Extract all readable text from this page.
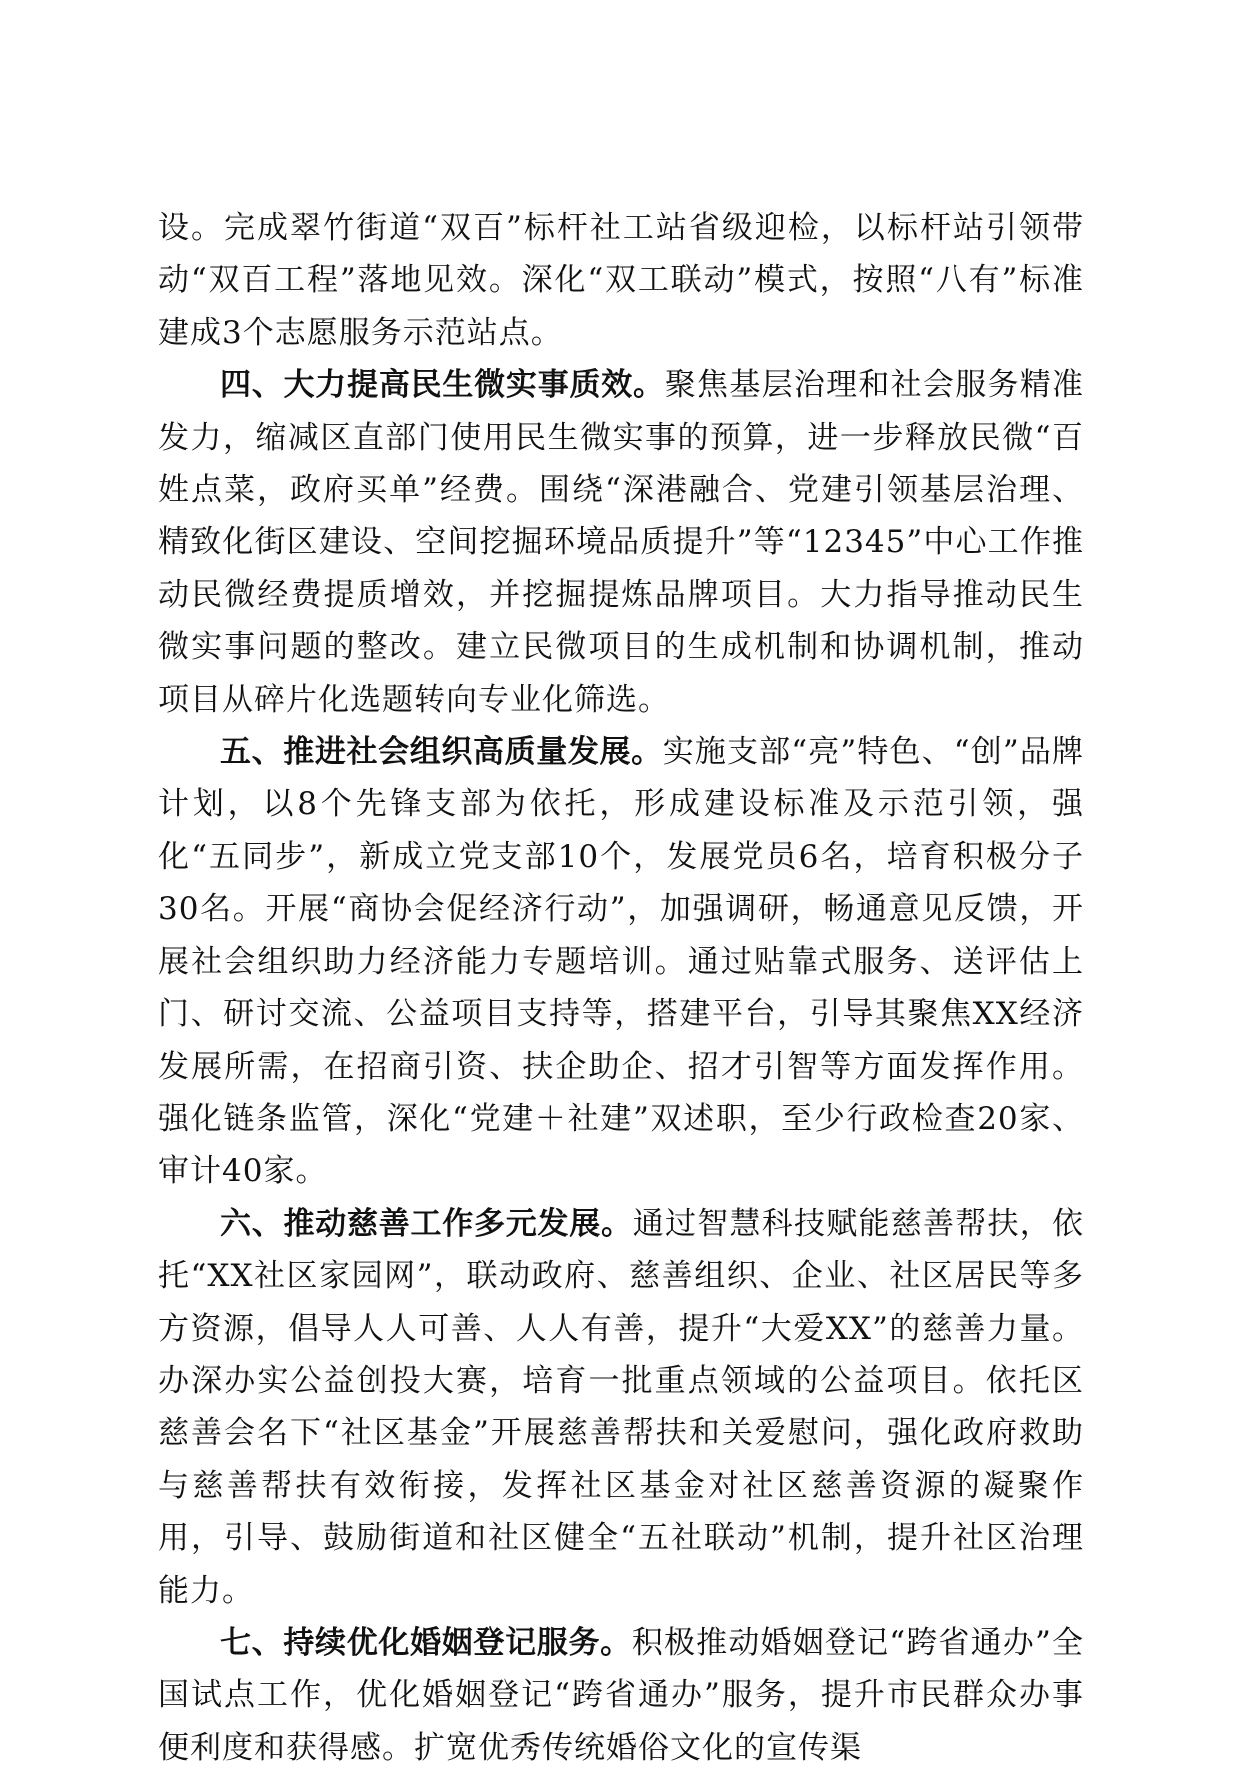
设。完成翠竹街道“双百”标杆社工站省级迎检，以标杆站引领带动“双百工程”落地见效。深化“双工联动”模式，按照“八有”标准建成3个志愿服务示范站点。

四、大力提高民生微实事质效。聚焦基层治理和社会服务精准发力，缩减区直部门使用民生微实事的预算，进一步释放民微“百姓点菜，政府买单”经费。围绕“深港融合、党建引领基层治理、精致化街区建设、空间挖掘环境品质提升”等“12345”中心工作推动民微经费提质增效，并挖掘提炼品牌项目。大力指导推动民生微实事问题的整改。建立民微项目的生成机制和协调机制，推动项目从碎片化选题转向专业化筛选。

五、推进社会组织高质量发展。实施支部“亮”特色、“创”品牌计划，以8个先锋支部为依托，形成建设标准及示范引领，强化“五同步”，新成立党支部10个，发展党员6名，培育积极分子30名。开展“商协会促经济行动”，加强调研，畅通意见反馈，开展社会组织助力经济能力专题培训。通过贴靠式服务、送评估上门、研讨交流、公益项目支持等，搭建平台，引导其聚焦XX经济发展所需，在招商引资、扶企助企、招才引智等方面发挥作用。强化链条监管，深化“党建＋社建”双述职，至少行政检查20家、审计40家。

六、推动慈善工作多元发展。通过智慧科技赋能慈善帮扶，依托“XX社区家园网”，联动政府、慈善组织、企业、社区居民等多方资源，倡导人人可善、人人有善，提升“大爱XX”的慈善力量。办深办实公益创投大赛，培育一批重点领域的公益项目。依托区慈善会名下“社区基金”开展慈善帮扶和关爱慰问，强化政府救助与慈善帮扶有效衔接，发挥社区基金对社区慈善资源的凝聚作用，引导、鼓励街道和社区健全“五社联动”机制，提升社区治理能力。

七、持续优化婚姻登记服务。积极推动婚姻登记“跨省通办”全国试点工作，优化婚姻登记“跨省通办”服务，提升市民群众办事便利度和获得感。扩宽优秀传统婚俗文化的宣传渠
